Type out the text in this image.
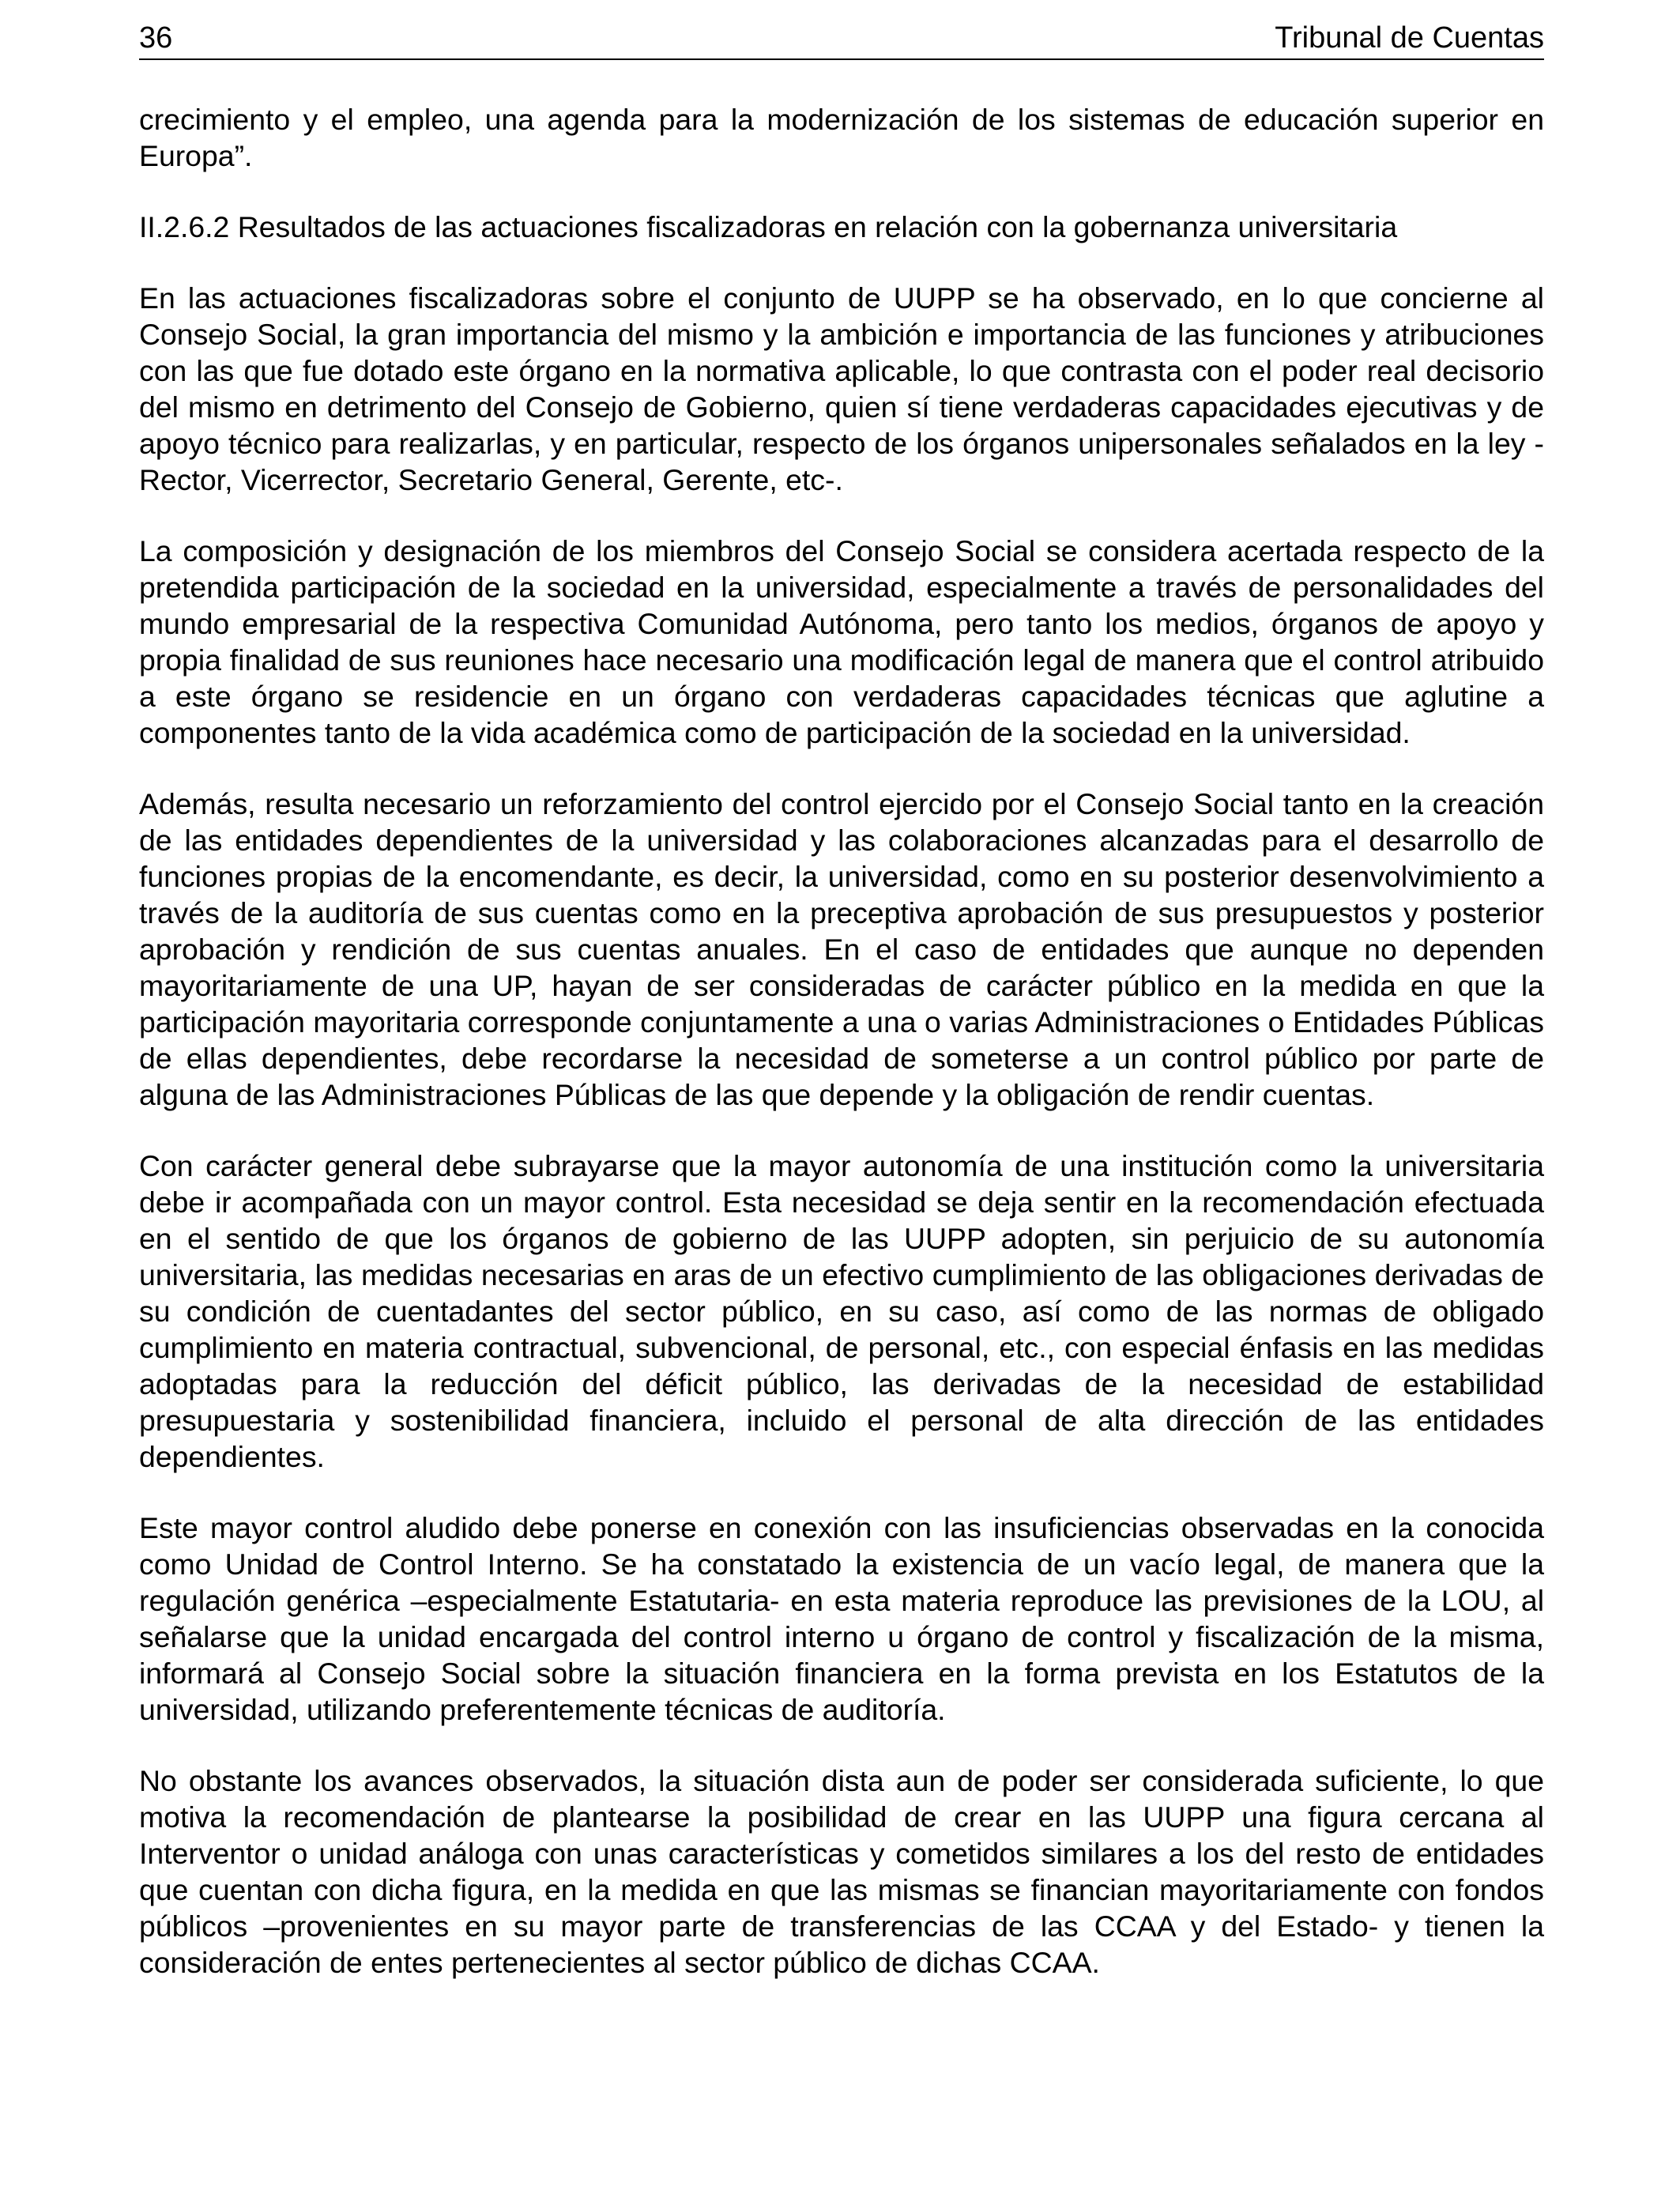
36	Tribunal de Cuentas

crecimiento y el empleo, una agenda para la modernización de los sistemas de educación superior en Europa”.

II.2.6.2 Resultados de las actuaciones fiscalizadoras en relación con la gobernanza universitaria

En las actuaciones fiscalizadoras sobre el conjunto de UUPP se ha observado, en lo que concierne al Consejo Social, la gran importancia del mismo y la ambición e importancia de las funciones y atribuciones con las que fue dotado este órgano en la normativa aplicable, lo que contrasta con el poder real decisorio del mismo en detrimento del Consejo de Gobierno, quien sí tiene verdaderas capacidades ejecutivas y de apoyo técnico para realizarlas, y en particular, respecto de los órganos unipersonales señalados en la ley -Rector, Vicerrector, Secretario General, Gerente, etc-.

La composición y designación de los miembros del Consejo Social se considera acertada respecto de la pretendida participación de la sociedad en la universidad, especialmente a través de personalidades del mundo empresarial de la respectiva Comunidad Autónoma, pero tanto los medios, órganos de apoyo y propia finalidad de sus reuniones hace necesario una modificación legal de manera que el control atribuido a este órgano se residencie en un órgano con verdaderas capacidades técnicas que aglutine a componentes tanto de la vida académica como de participación de la sociedad en la universidad.

Además, resulta necesario un reforzamiento del control ejercido por el Consejo Social tanto en la creación de las entidades dependientes de la universidad y las colaboraciones alcanzadas para el desarrollo de funciones propias de la encomendante, es decir, la universidad, como en su posterior desenvolvimiento a través de la auditoría de sus cuentas como en la preceptiva aprobación de sus presupuestos y posterior aprobación y rendición de sus cuentas anuales. En el caso de entidades que aunque no dependen mayoritariamente de una UP, hayan de ser consideradas de carácter público en la medida en que la participación mayoritaria corresponde conjuntamente a una o varias Administraciones o Entidades Públicas de ellas dependientes, debe recordarse la necesidad de someterse a un control público por parte de alguna de las Administraciones Públicas de las que depende y la obligación de rendir cuentas.

Con carácter general debe subrayarse que la mayor autonomía de una institución como la universitaria debe ir acompañada con un mayor control. Esta necesidad se deja sentir en la recomendación efectuada en el sentido de que los órganos de gobierno de las UUPP adopten, sin perjuicio de su autonomía universitaria, las medidas necesarias en aras de un efectivo cumplimiento de las obligaciones derivadas de su condición de cuentadantes del sector público, en su caso, así como de las normas de obligado cumplimiento en materia contractual, subvencional, de personal, etc., con especial énfasis en las medidas adoptadas para la reducción del déficit público, las derivadas de la necesidad de estabilidad presupuestaria y sostenibilidad financiera, incluido el personal de alta dirección de las entidades dependientes.

Este mayor control aludido debe ponerse en conexión con las insuficiencias observadas en la conocida como Unidad de Control Interno. Se ha constatado la existencia de un vacío legal, de manera que la regulación genérica –especialmente Estatutaria- en esta materia reproduce las previsiones de la LOU, al señalarse que la unidad encargada del control interno u órgano de control y fiscalización de la misma, informará al Consejo Social sobre la situación financiera en la forma prevista en los Estatutos de la universidad, utilizando preferentemente técnicas de auditoría.

No obstante los avances observados, la situación dista aun de poder ser considerada suficiente, lo que motiva la recomendación de plantearse la posibilidad de crear en las UUPP una figura cercana al Interventor o unidad análoga con unas características y cometidos similares a los del resto de entidades que cuentan con dicha figura, en la medida en que las mismas se financian mayoritariamente con fondos públicos –provenientes en su mayor parte de transferencias de las CCAA y del Estado- y tienen la consideración de entes pertenecientes al sector público de dichas CCAA.
